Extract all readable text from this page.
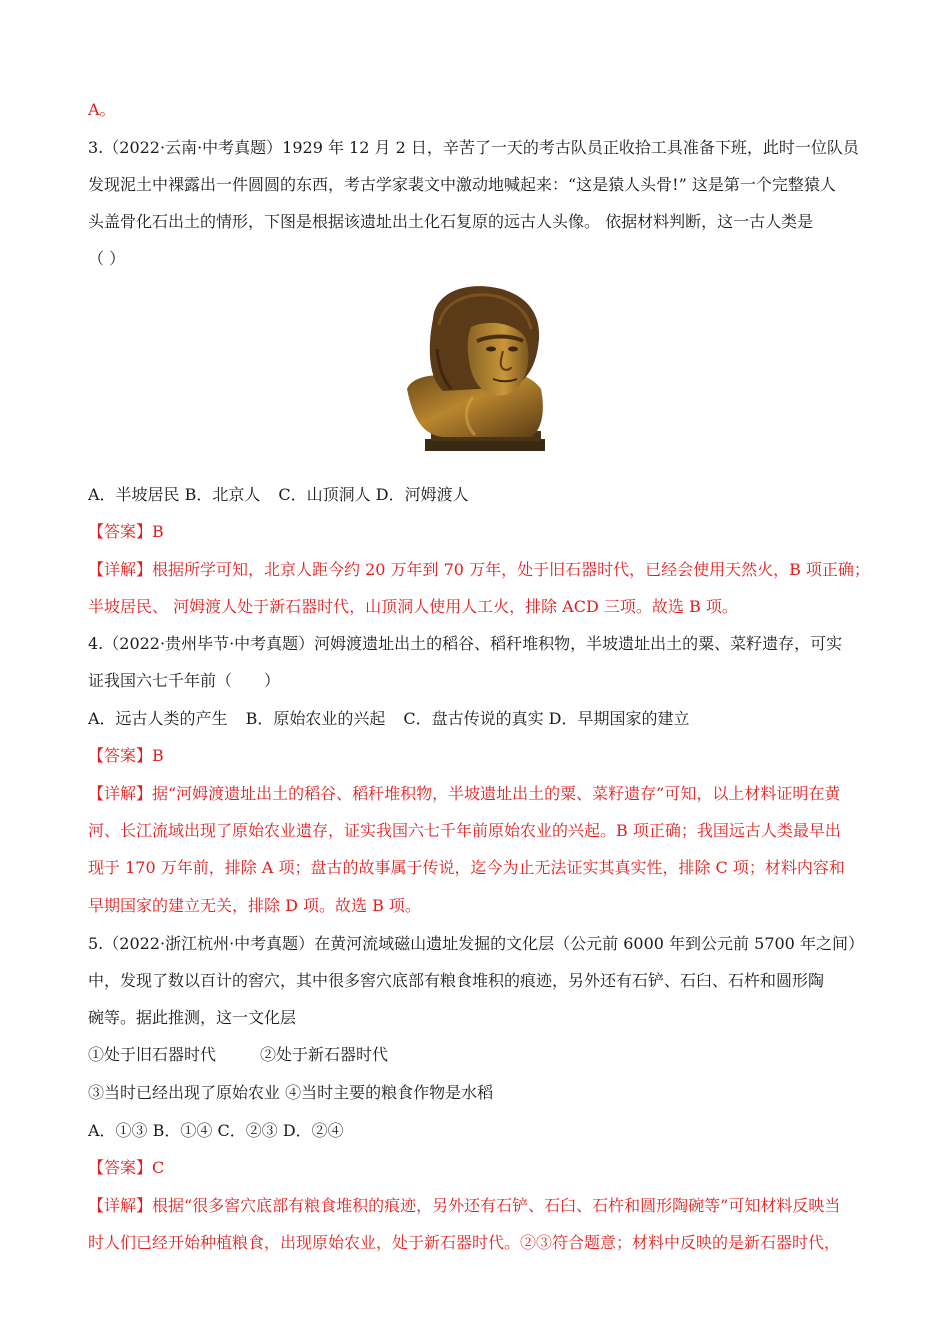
A。
3.（2022·云南·中考真题）1929 年 12 月 2 日，辛苦了一天的考古队员正收拾工具准备下班，此时一位队员
发现泥土中裸露出一件圆圆的东西，考古学家裴文中激动地喊起来：“这是猿人头骨!” 这是第一个完整猿人
头盖骨化石出土的情形，下图是根据该遗址出土化石复原的远古人头像。 依据材料判断，这一古人类是
（ ）
A．半坡居民 B．北京人 C．山顶洞人 D．河姆渡人
【答案】B
【详解】根据所学可知，北京人距今约 20 万年到 70 万年，处于旧石器时代，已经会使用天然火，B 项正确；
半坡居民、 河姆渡人处于新石器时代，山顶洞人使用人工火，排除 ACD 三项。故选 B 项。
4.（2022·贵州毕节·中考真题）河姆渡遗址出土的稻谷、稻秆堆积物，半坡遗址出土的粟、菜籽遗存，可实
证我国六七千年前（　　）
A．远古人类的产生 B．原始农业的兴起 C．盘古传说的真实 D．早期国家的建立
【答案】B
【详解】据“河姆渡遗址出土的稻谷、稻秆堆积物，半坡遗址出土的粟、菜籽遗存”可知，以上材料证明在黄
河、长江流域出现了原始农业遗存，证实我国六七千年前原始农业的兴起。B 项正确；我国远古人类最早出
现于 170 万年前，排除 A 项；盘古的故事属于传说，迄今为止无法证实其真实性，排除 C 项；材料内容和
早期国家的建立无关，排除 D 项。故选 B 项。
5.（2022·浙江杭州·中考真题）在黄河流域磁山遗址发掘的文化层（公元前 6000 年到公元前 5700 年之间）
中，发现了数以百计的窖穴，其中很多窖穴底部有粮食堆积的痕迹，另外还有石铲、石臼、石杵和圆形陶
碗等。据此推测，这一文化层
①处于旧石器时代	②处于新石器时代
③当时已经出现了原始农业 ④当时主要的粮食作物是水稻
A．①③ B．①④ C．②③ D．②④
【答案】C
【详解】根据“很多窖穴底部有粮食堆积的痕迹，另外还有石铲、石臼、石杵和圆形陶碗等”可知材料反映当
时人们已经开始种植粮食，出现原始农业，处于新石器时代。②③符合题意；材料中反映的是新石器时代，
